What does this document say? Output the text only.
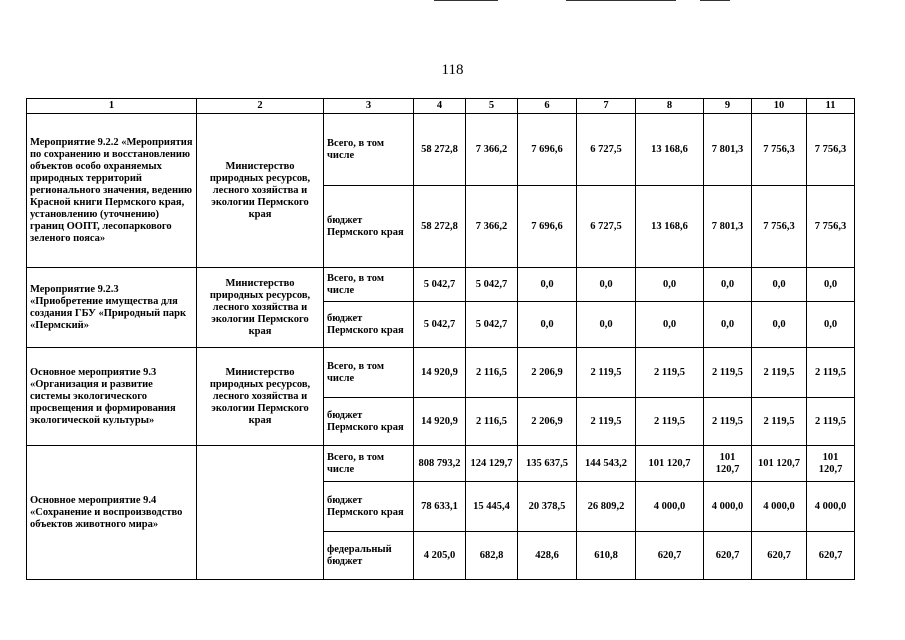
118
1	2	3	4	5	6	7	8	9	10	11
Мероприятие 9.2.2 «Мероприятия по сохранению и восстановлению объектов особо охраняемых природных территорий регионального значения, ведению Красной книги Пермского края, установлению (уточнению) границ ООПТ, лесопаркового зеленого пояса»	Министерство природных ресурсов, лесного хозяйства и экологии Пермского края	Всего, в том числе	58 272,8	7 366,2	7 696,6	6 727,5	13 168,6	7 801,3	7 756,3	7 756,3
		бюджет Пермского края	58 272,8	7 366,2	7 696,6	6 727,5	13 168,6	7 801,3	7 756,3	7 756,3
Мероприятие 9.2.3 «Приобретение имущества для создания ГБУ «Природный парк «Пермский»	Министерство природных ресурсов, лесного хозяйства и экологии Пермского края	Всего, в том числе	5 042,7	5 042,7	0,0	0,0	0,0	0,0	0,0	0,0
		бюджет Пермского края	5 042,7	5 042,7	0,0	0,0	0,0	0,0	0,0	0,0
Основное мероприятие 9.3 «Организация и развитие системы экологического просвещения и формирования экологической культуры»	Министерство природных ресурсов, лесного хозяйства и экологии Пермского края	Всего, в том числе	14 920,9	2 116,5	2 206,9	2 119,5	2 119,5	2 119,5	2 119,5	2 119,5
		бюджет Пермского края	14 920,9	2 116,5	2 206,9	2 119,5	2 119,5	2 119,5	2 119,5	2 119,5
Основное мероприятие 9.4 «Сохранение и воспроизводство объектов животного мира»		Всего, в том числе	808 793,2	124 129,7	135 637,5	144 543,2	101 120,7	101 120,7	101 120,7	101 120,7
		бюджет Пермского края	78 633,1	15 445,4	20 378,5	26 809,2	4 000,0	4 000,0	4 000,0	4 000,0
		федеральный бюджет	4 205,0	682,8	428,6	610,8	620,7	620,7	620,7	620,7
